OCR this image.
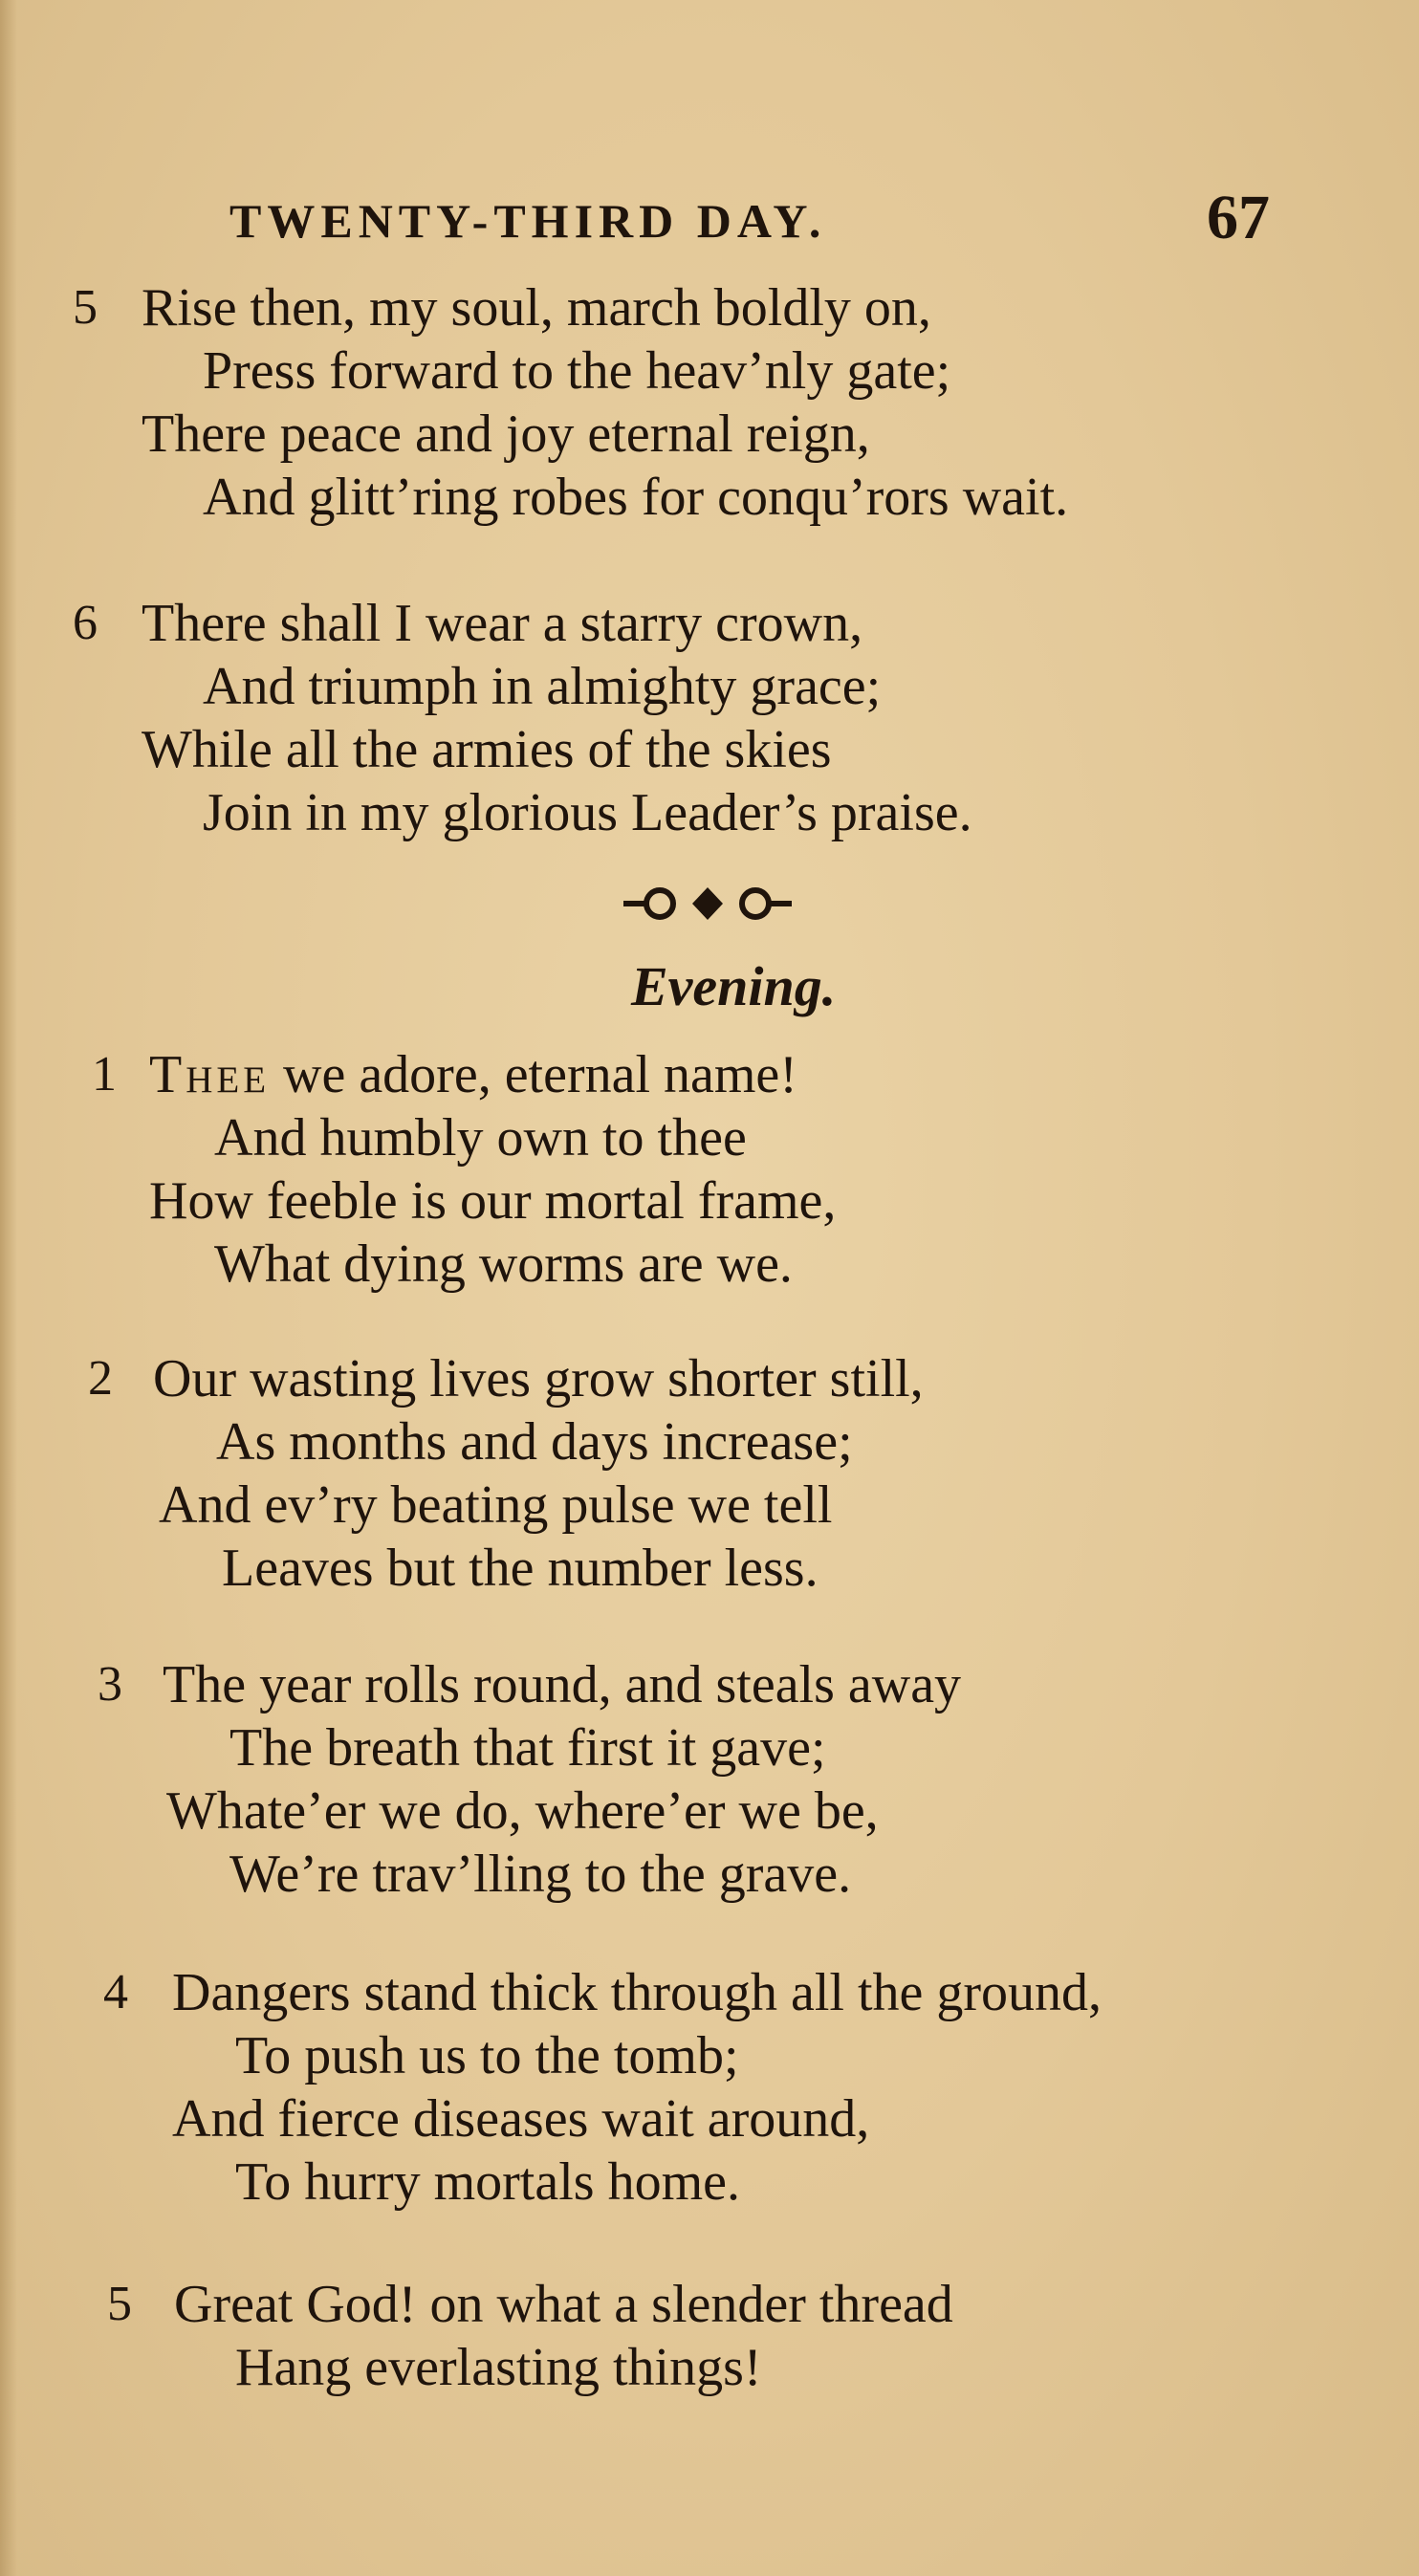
TWENTY-THIRD DAY.	67
5 Rise then, my soul, march boldly on,
Press forward to the heav’nly gate;
There peace and joy eternal reign,
And glitt’ring robes for conqu’rors wait.
6 There shall I wear a starry crown,
And triumph in almighty grace;
While all the armies of the skies
Join in my glorious Leader’s praise.
Evening.
1 Thee we adore, eternal name!
And humbly own to thee
How feeble is our mortal frame,
What dying worms are we.
2 Our wasting lives grow shorter still,
As months and days increase;
And ev’ry beating pulse we tell
Leaves but the number less.
3 The year rolls round, and steals away
The breath that first it gave;
Whate’er we do, where’er we be,
We’re trav’lling to the grave.
4 Dangers stand thick through all the ground,
To push us to the tomb;
And fierce diseases wait around,
To hurry mortals home.
5 Great God! on what a slender thread
Hang everlasting things!
